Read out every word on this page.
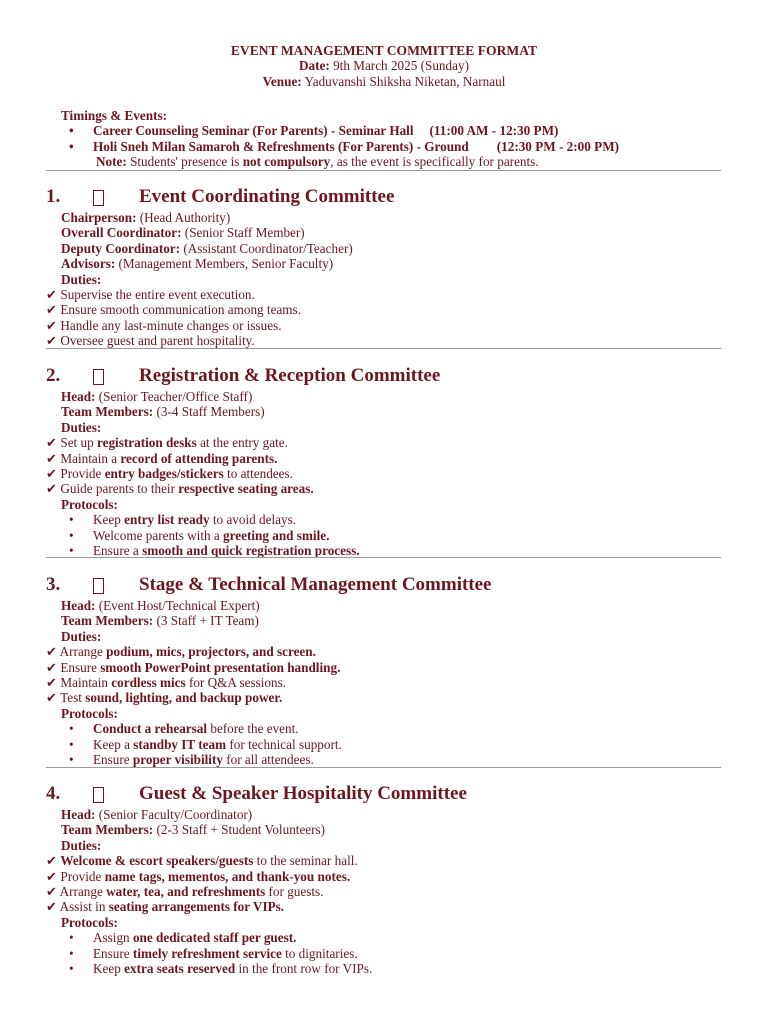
EVENT MANAGEMENT COMMITTEE FORMAT
Date: 9th March 2025 (Sunday)
Venue: Yaduvanshi Shiksha Niketan, Narnaul
Timings & Events:
• Career Counseling Seminar (For Parents) - Seminar Hall (11:00 AM - 12:30 PM)
• Holi Sneh Milan Samaroh & Refreshments (For Parents) - Ground (12:30 PM - 2:00 PM)
Note: Students' presence is not compulsory, as the event is specifically for parents.
1.	Event Coordinating Committee
Chairperson: (Head Authority)
Overall Coordinator: (Senior Staff Member)
Deputy Coordinator: (Assistant Coordinator/Teacher)
Advisors: (Management Members, Senior Faculty)
Duties:
✔ Supervise the entire event execution.
✔ Ensure smooth communication among teams.
✔ Handle any last-minute changes or issues.
✔ Oversee guest and parent hospitality.
2.	Registration & Reception Committee
Head: (Senior Teacher/Office Staff)
Team Members: (3-4 Staff Members)
Duties:
✔ Set up registration desks at the entry gate.
✔ Maintain a record of attending parents.
✔ Provide entry badges/stickers to attendees.
✔ Guide parents to their respective seating areas.
Protocols:
• Keep entry list ready to avoid delays.
• Welcome parents with a greeting and smile.
• Ensure a smooth and quick registration process.
3.	Stage & Technical Management Committee
Head: (Event Host/Technical Expert)
Team Members: (3 Staff + IT Team)
Duties:
✔ Arrange podium, mics, projectors, and screen.
✔ Ensure smooth PowerPoint presentation handling.
✔ Maintain cordless mics for Q&A sessions.
✔ Test sound, lighting, and backup power.
Protocols:
• Conduct a rehearsal before the event.
• Keep a standby IT team for technical support.
• Ensure proper visibility for all attendees.
4.	Guest & Speaker Hospitality Committee
Head: (Senior Faculty/Coordinator)
Team Members: (2-3 Staff + Student Volunteers)
Duties:
✔ Welcome & escort speakers/guests to the seminar hall.
✔ Provide name tags, mementos, and thank-you notes.
✔ Arrange water, tea, and refreshments for guests.
✔ Assist in seating arrangements for VIPs.
Protocols:
• Assign one dedicated staff per guest.
• Ensure timely refreshment service to dignitaries.
• Keep extra seats reserved in the front row for VIPs.
